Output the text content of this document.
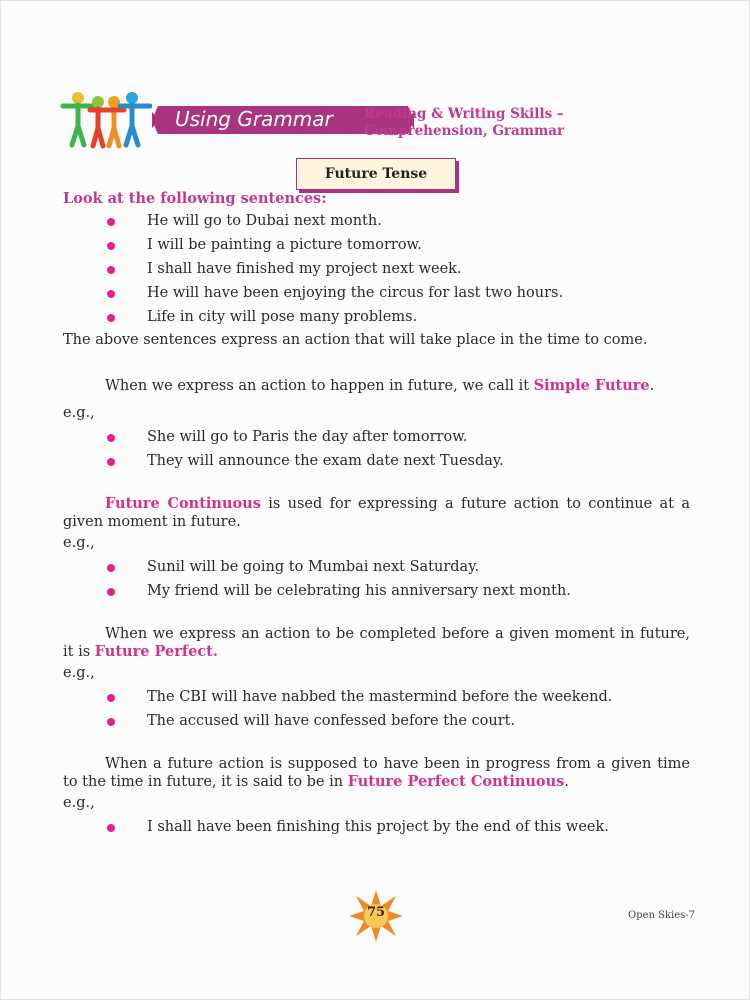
Using Grammar Reading & Writing Skills –
Comprehension, Grammar
Future Tense
Look at the following sentences:
He will go to Dubai next month.
I will be painting a picture tomorrow.
I shall have finished my project next week.
He will have been enjoying the circus for last two hours.
Life in city will pose many problems.
The above sentences express an action that will take place in the time to come.
When we express an action to happen in future, we call it Simple Future.
e.g.,
She will go to Paris the day after tomorrow.
They will announce the exam date next Tuesday.
Future Continuous is used for expressing a future action to continue at a given moment in future.
e.g.,
Sunil will be going to Mumbai next Saturday.
My friend will be celebrating his anniversary next month.
When we express an action to be completed before a given moment in future, it is Future Perfect.
e.g.,
The CBI will have nabbed the mastermind before the weekend.
The accused will have confessed before the court.
When a future action is supposed to have been in progress from a given time to the time in future, it is said to be in Future Perfect Continuous.
e.g.,
I shall have been finishing this project by the end of this week.
75	Open Skies-7
